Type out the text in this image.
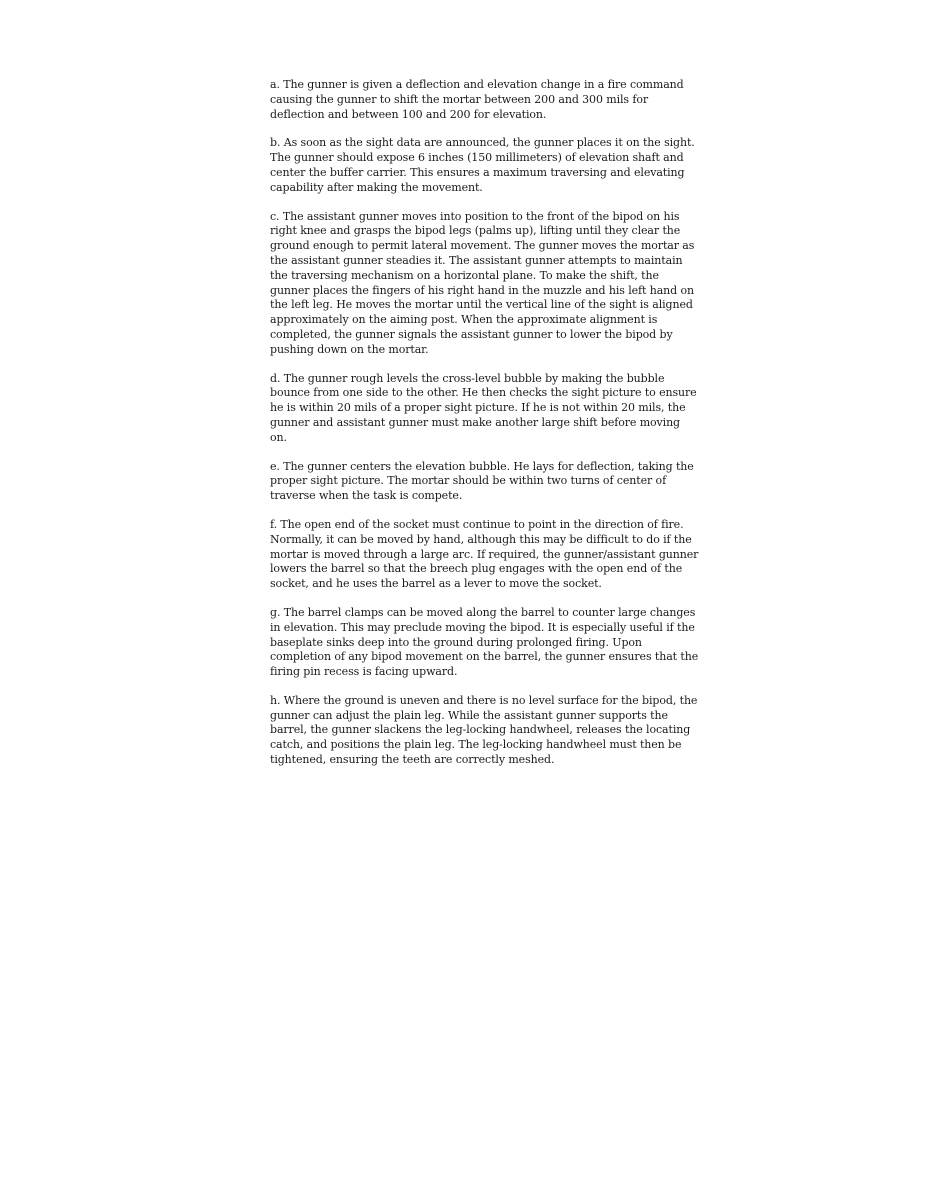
a. The gunner is given a deflection and elevation change in a fire command causing the gunner to shift the mortar between 200 and 300 mils for deflection and between 100 and 200 for elevation.

b. As soon as the sight data are announced, the gunner places it on the sight. The gunner should expose 6 inches (150 millimeters) of elevation shaft and center the buffer carrier. This ensures a maximum traversing and elevating capability after making the movement.

c. The assistant gunner moves into position to the front of the bipod on his right knee and grasps the bipod legs (palms up), lifting until they clear the ground enough to permit lateral movement. The gunner moves the mortar as the assistant gunner steadies it. The assistant gunner attempts to maintain the traversing mechanism on a horizontal plane. To make the shift, the gunner places the fingers of his right hand in the muzzle and his left hand on the left leg. He moves the mortar until the vertical line of the sight is aligned approximately on the aiming post. When the approximate alignment is completed, the gunner signals the assistant gunner to lower the bipod by pushing down on the mortar.

d. The gunner rough levels the cross-level bubble by making the bubble bounce from one side to the other. He then checks the sight picture to ensure he is within 20 mils of a proper sight picture. If he is not within 20 mils, the gunner and assistant gunner must make another large shift before moving on.

e. The gunner centers the elevation bubble. He lays for deflection, taking the proper sight picture. The mortar should be within two turns of center of traverse when the task is compete.

f. The open end of the socket must continue to point in the direction of fire. Normally, it can be moved by hand, although this may be difficult to do if the mortar is moved through a large arc. If required, the gunner/assistant gunner lowers the barrel so that the breech plug engages with the open end of the socket, and he uses the barrel as a lever to move the socket.

g. The barrel clamps can be moved along the barrel to counter large changes in elevation. This may preclude moving the bipod. It is especially useful if the baseplate sinks deep into the ground during prolonged firing. Upon completion of any bipod movement on the barrel, the gunner ensures that the firing pin recess is facing upward.

h. Where the ground is uneven and there is no level surface for the bipod, the gunner can adjust the plain leg. While the assistant gunner supports the barrel, the gunner slackens the leg-locking handwheel, releases the locating catch, and positions the plain leg. The leg-locking handwheel must then be tightened, ensuring the teeth are correctly meshed.
